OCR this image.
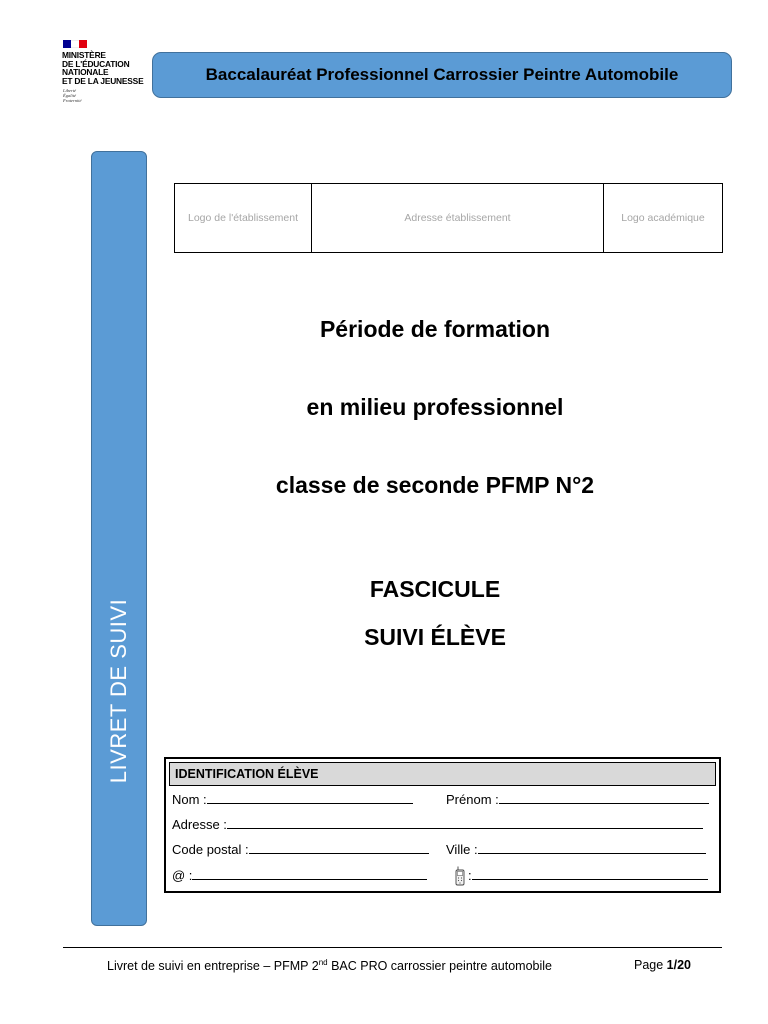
MINISTÈRE
DE L'ÉDUCATION
NATIONALE
ET DE LA JEUNESSE
Liberté
Égalité
Fraternité
Baccalauréat Professionnel Carrossier Peintre Automobile
LIVRET DE SUIVI
Logo de l'établissement	Adresse établissement	Logo académique
Période de formation
en milieu professionnel
classe de seconde PFMP N°2
FASCICULE
SUIVI ÉLÈVE
IDENTIFICATION ÉLÈVE
Nom :	Prénom :
Adresse :
Code postal :	Ville :
@ :	:
Livret de suivi en entreprise – PFMP 2nd BAC PRO carrossier peintre automobile	Page 1/20
